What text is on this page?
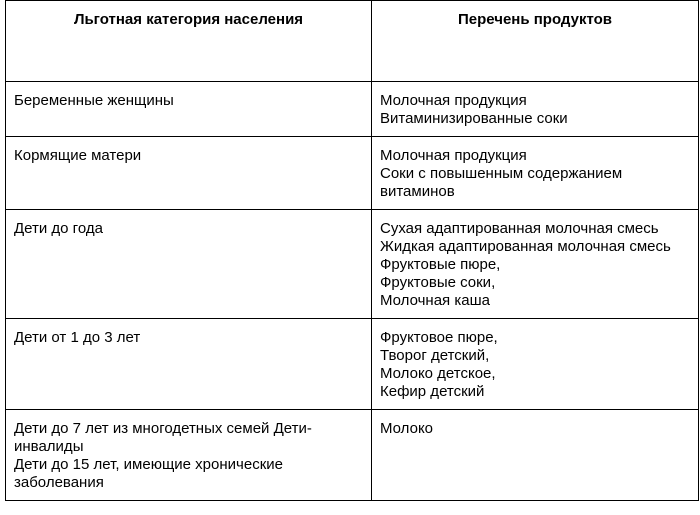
Льготная категория населения	Перечень продуктов

Беременные женщины	Молочная продукция
Витаминизированные соки

Кормящие матери	Молочная продукция
Соки с повышенным содержанием
витаминов

Дети до года	Сухая адаптированная молочная смесь
Жидкая адаптированная молочная смесь
Фруктовые пюре,
Фруктовые соки,
Молочная каша

Дети от 1 до 3 лет	Фруктовое пюре,
Творог детский,
Молоко детское,
Кефир детский

Дети до 7 лет из многодетных семей Дети-
инвалиды
Дети до 15 лет, имеющие хронические
заболевания	Молоко
